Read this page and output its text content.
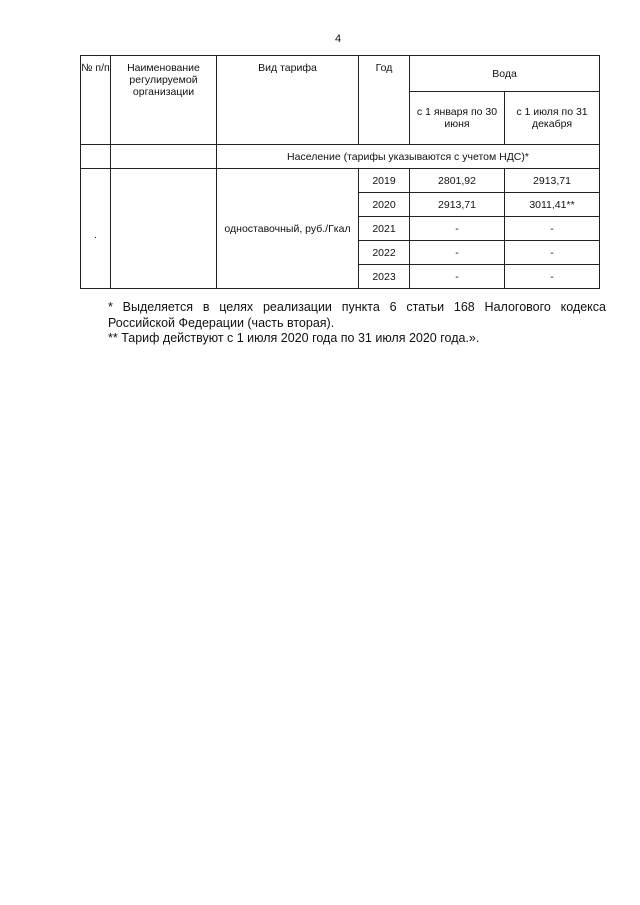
4
№ п/п	Наименование регулируемой организации	Вид тарифа	Год	Вода	
				с 1 января по 30 июня	с 1 июля по 31 декабря
		Население (тарифы указываются с учетом НДС)*			
.		одноставочный, руб./Гкал	2019	2801,92	2913,71
			2020	2913,71	3011,41**
			2021	-	-
			2022	-	-
			2023	-	-

* Выделяется в целях реализации пункта 6 статьи 168 Налогового кодекса Российской Федерации (часть вторая).

** Тариф действуют с 1 июля 2020 года по 31 июля 2020 года.».
